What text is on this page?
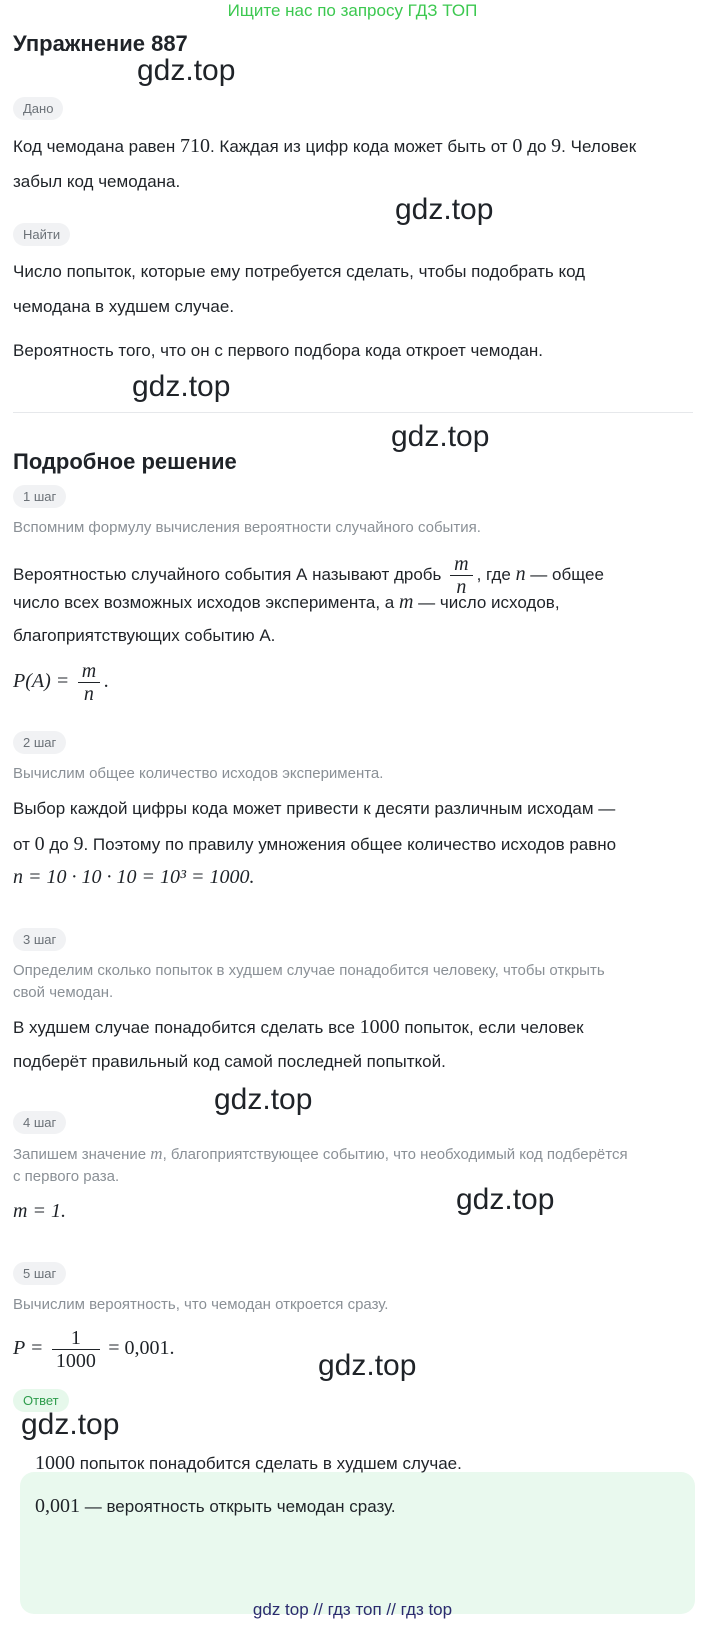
Ищите нас по запросу ГДЗ ТОП
Упражнение 887
Дано
Код чемодана равен 710. Каждая из цифр кода может быть от 0 до 9. Человек
забыл код чемодана.
Найти
Число попыток, которые ему потребуется сделать, чтобы подобрать код
чемодана в худшем случае.
Вероятность того, что он с первого подбора кода откроет чемодан.
Подробное решение
1 шаг
Вспомним формулу вычисления вероятности случайного события.
Вероятностью случайного события А называют дробь $\frac{m}{n}$ , где n — общее
число всех возможных исходов эксперимента, а m — число исходов,
благоприятствующих событию А.
$P(A) = \frac{m}{n}$ .
2 шаг
Вычислим общее количество исходов эксперимента.
Выбор каждой цифры кода может привести к десяти различным исходам —
от 0 до 9. Поэтому по правилу умножения общее количество исходов равно
n = 10 · 10 · 10 = 10³ = 1000.
3 шаг
Определим сколько попыток в худшем случае понадобится человеку, чтобы открыть
свой чемодан.
В худшем случае понадобится сделать все 1000 попыток, если человек
подберёт правильный код самой последней попыткой.
4 шаг
Запишем значение m, благоприятствующее событию, что необходимый код подберётся
с первого раза.
m = 1.
5 шаг
Вычислим вероятность, что чемодан откроется сразу.
$P = \frac{1}{1000} = 0,001$.
Ответ
1000 попыток понадобится сделать в худшем случае.
0,001 — вероятность открыть чемодан сразу.
gdz.top
gdz.top
gdz.top
gdz.top
gdz.top
gdz.top
gdz.top
gdz.top
gdz top // гдз топ // гдз top
